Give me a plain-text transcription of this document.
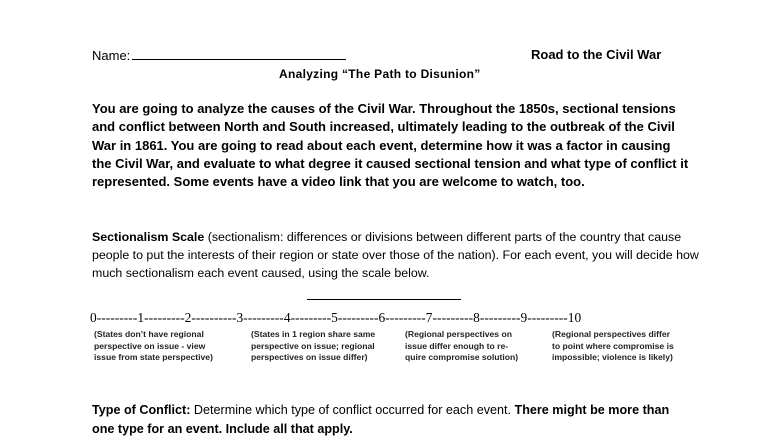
Name:	Road to the Civil War
Analyzing “The Path to Disunion”
You are going to analyze the causes of the Civil War. Throughout the 1850s, sectional tensions and conflict between North and South increased, ultimately leading to the outbreak of the Civil War in 1861. You are going to read about each event, determine how it was a factor in causing the Civil War, and evaluate to what degree it caused sectional tension and what type of conflict it represented. Some events have a video link that you are welcome to watch, too.
Sectionalism Scale (sectionalism: differences or divisions between different parts of the country that cause people to put the interests of their region or state over those of the nation). For each event, you will decide how much sectionalism each event caused, using the scale below.
0---------1---------2----------3---------4---------5---------6---------7---------8---------9---------10
(States don’t have regional
perspective on issue - view
issue from state perspective)
(States in 1 region share same
perspective on issue; regional
perspectives on issue differ)
(Regional perspectives on
issue differ enough to re-
quire compromise solution)
(Regional perspectives differ
to point where compromise is
impossible; violence is likely)
Type of Conflict: Determine which type of conflict occurred for each event. There might be more than one type for an event. Include all that apply.
